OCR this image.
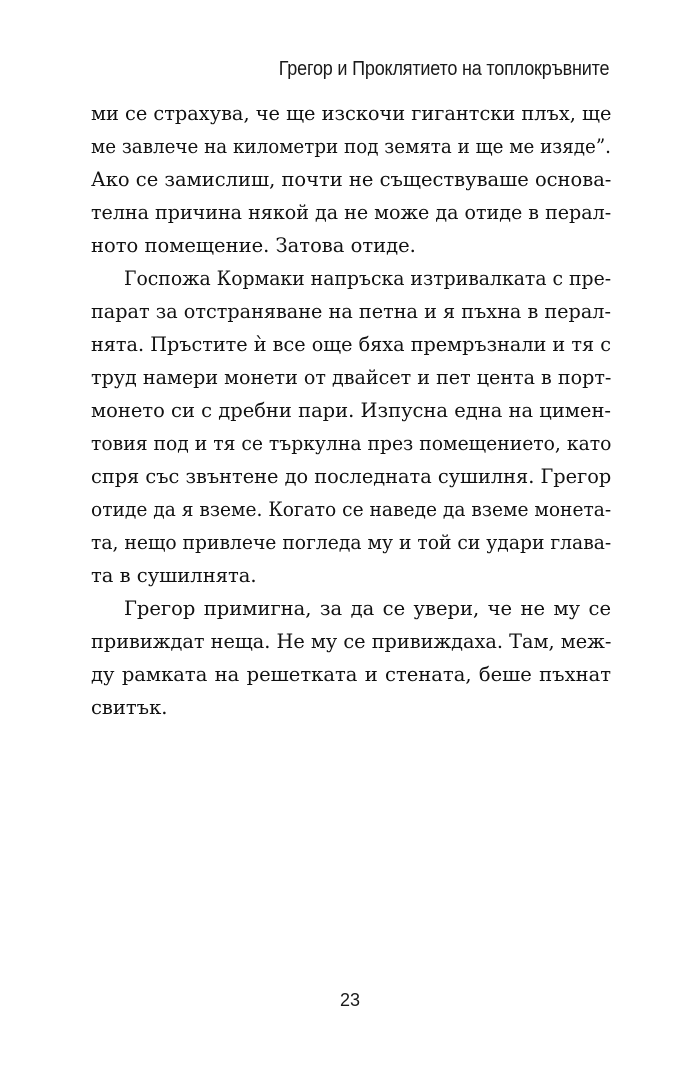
Грегор и Проклятието на топлокръвните
ми се страхува, че ще изскочи гигантски плъх, ще
ме завлече на километри под земята и ще ме изяде”.
Ако се замислиш, почти не съществуваше основа-
телна причина някой да не може да отиде в перал-
ното помещение. Затова отиде.
Госпожа Кормаки напръска изтривалката с пре-
парат за отстраняване на петна и я пъхна в перал-
нята. Пръстите ѝ все още бяха премръзнали и тя с
труд намери монети от двайсет и пет цента в порт-
монето си с дребни пари. Изпусна една на цимен-
товия под и тя се търкулна през помещението, като
спря със звънтене до последната сушилня. Грегор
отиде да я вземе. Когато се наведе да вземе монета-
та, нещо привлече погледа му и той си удари глава-
та в сушилнята.
Грегор примигна, за да се увери, че не му се
привиждат неща. Не му се привиждаха. Там, меж-
ду рамката на решетката и стената, беше пъхнат
свитък.
23
